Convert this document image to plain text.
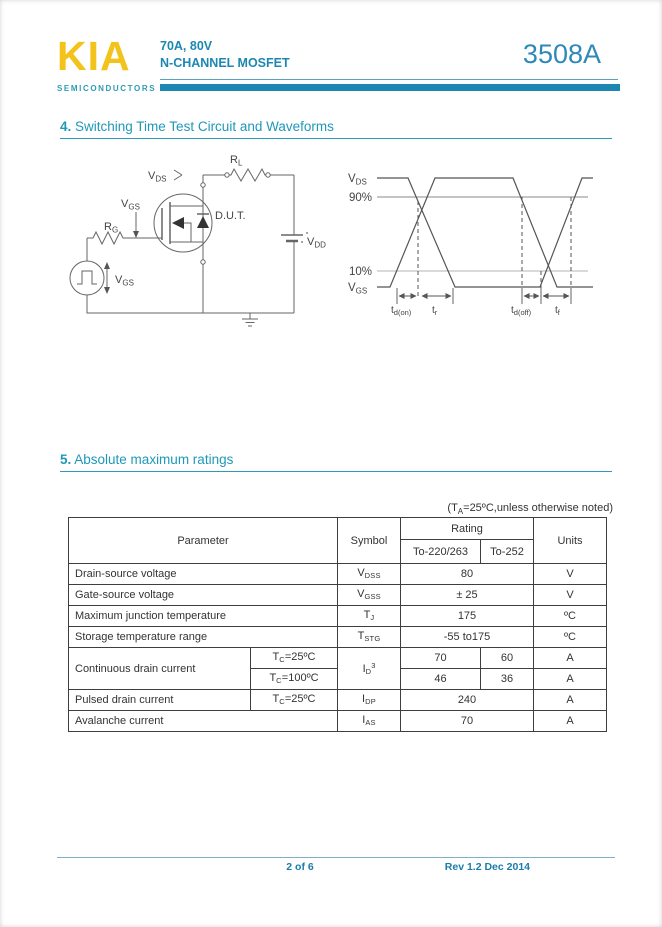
KIA
SEMICONDUCTORS
70A, 80V
N-CHANNEL MOSFET	3508A
4. Switching Time Test Circuit and Waveforms
$V_{DS}$
$R_L$
$V_{GS}$
$R_G$
D.U.T.
$V_{DD}$
$V_{GS}$
$V_{DS}$
90%
10%
$V_{GS}$
$t_{d(on)}$ $t_r$	$t_{d(off)}$ $t_f$
5. Absolute maximum ratings
($T_A=25ºC,unless$ otherwise noted)
Parameter		Symbol	Rating		Units
			To-220/263	To-252	
Drain-source voltage		$V_{DSS}$	80		V
Gate-source voltage		$V_{GSS}$	± 25		V
Maximum junction temperature		$T_J$	175		ºC
Storage temperature range		$T_{STG}$	-55 to175		ºC
Continuous drain current	$T_C=25ºC$	$I_D^3$	70	60	A
	$T_C=100ºC$		46	36	A
Pulsed drain current	$T_C=25ºC$	$I_{DP}$	240		A
Avalanche current		$I_{AS}$	70		A
2 of 6	Rev 1.2 Dec 2014
